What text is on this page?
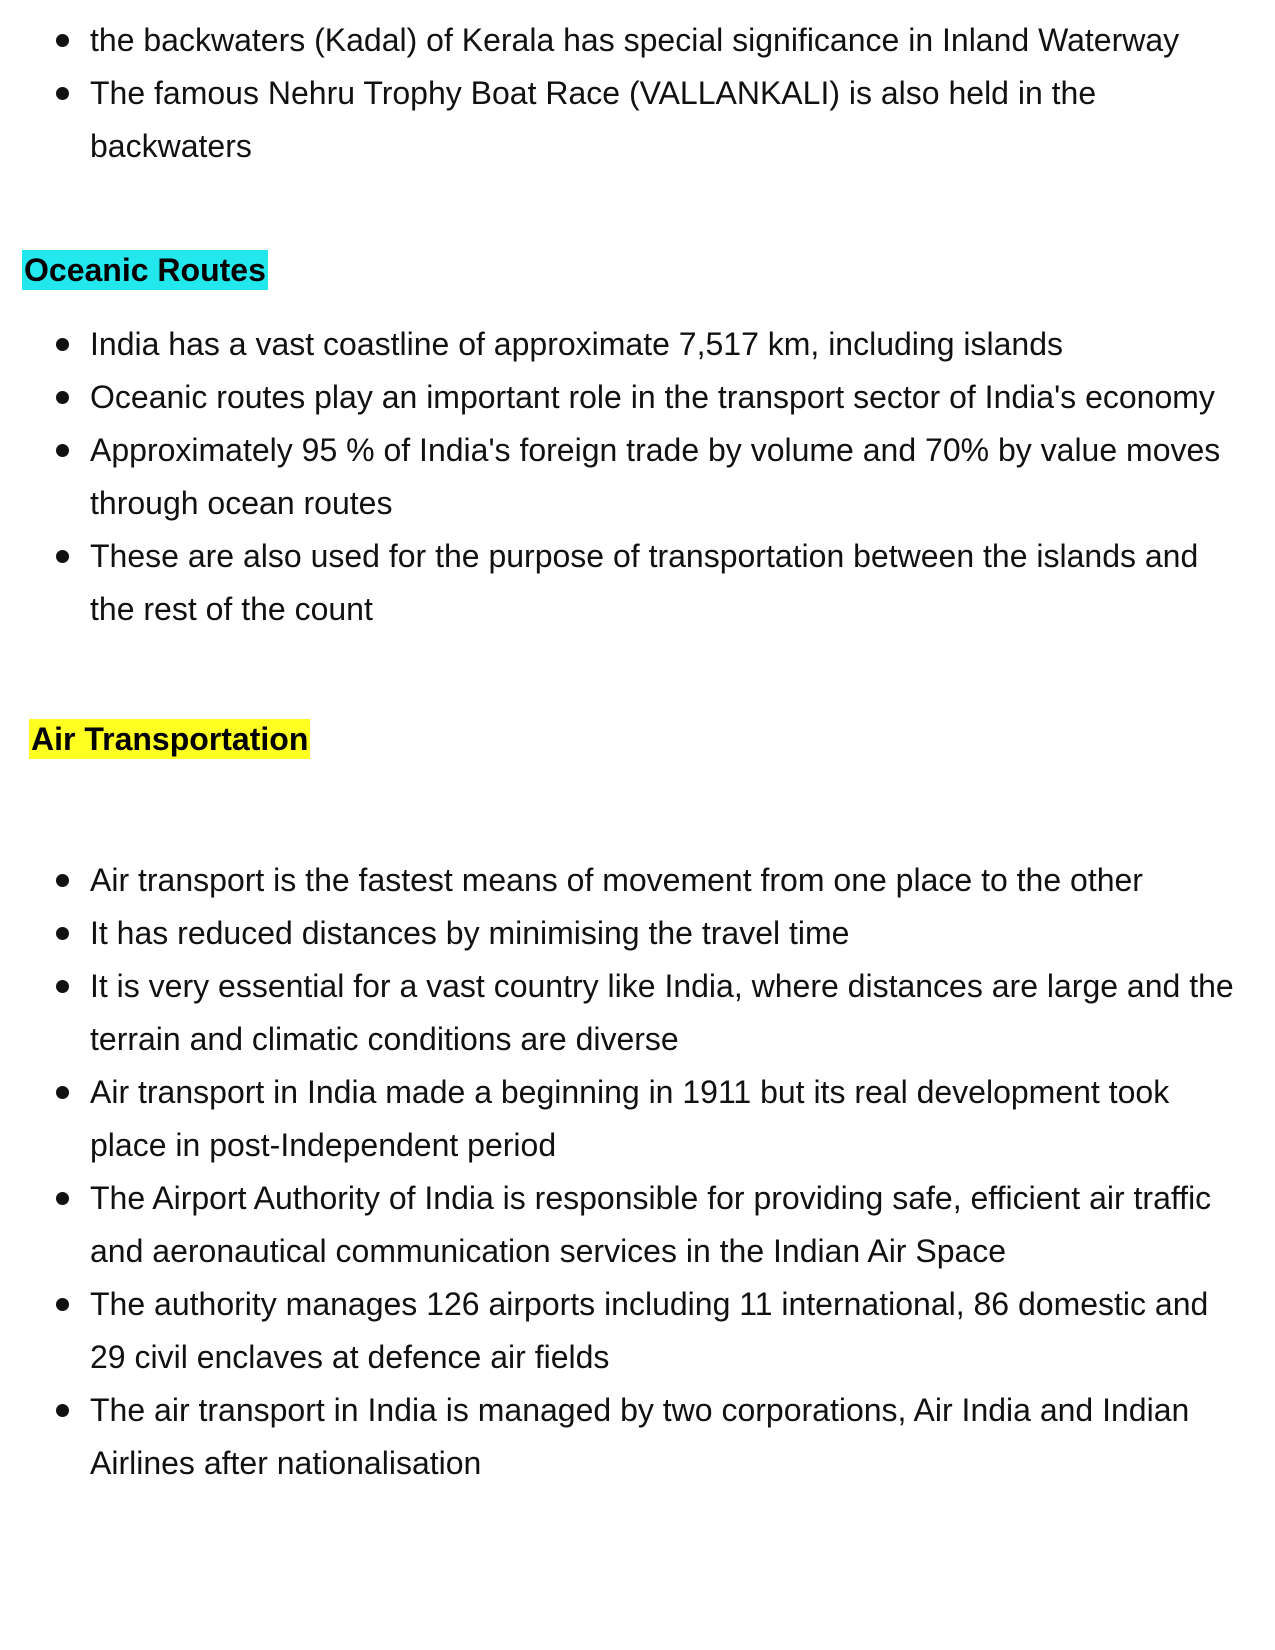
the backwaters (Kadal) of Kerala has special significance in Inland Waterway
The famous Nehru Trophy Boat Race (VALLANKALI) is also held in the backwaters
Oceanic Routes
India has a vast coastline of approximate 7,517 km, including islands
Oceanic routes play an important role in the transport sector of India's economy
Approximately 95 % of India's foreign trade by volume and 70% by value moves through ocean routes
These are also used for the purpose of transportation between the islands and the rest of the count
Air Transportation
Air transport is the fastest means of movement from one place to the other
It has reduced distances by minimising the travel time
It is very essential for a vast country like India, where distances are large and the terrain and climatic conditions are diverse
Air transport in India made a beginning in 1911 but its real development took place in post-Independent period
The Airport Authority of India is responsible for providing safe, efficient air traffic and aeronautical communication services in the Indian Air Space
The authority manages 126 airports including 11 international, 86 domestic and 29 civil enclaves at defence air fields
The air transport in India is managed by two corporations, Air India and Indian Airlines after nationalisation
